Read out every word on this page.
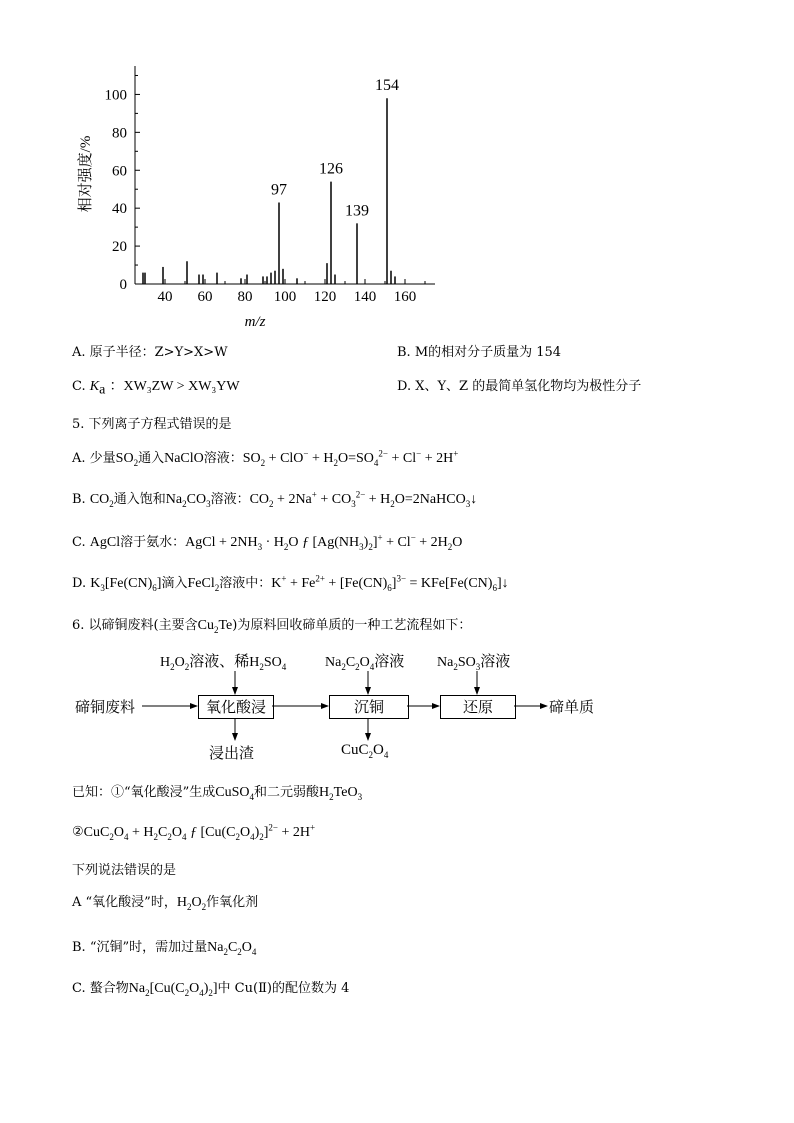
40 60 80 100 120 140 160
0
20
40
60
80
100
相对强度/%
m/z
97
126
139
154
A. 原子半径：Z>Y>X>W	B. M的相对分子质量为 154
C. $K_a$ ：XW₃ZW > XW₃YW	D. X、Y、Z 的最简单氢化物均为极性分子
5. 下列离子方程式错误的是
A. 少量$SO_2$通入NaClO溶液：$SO_2 + ClO^- + H_2O=SO_4^{2-} + Cl^- + 2H^+$
B. $CO_2$通入饱和$Na_2CO_3$溶液：$CO_2 + 2Na^+ + CO_3^{2-}$ + $H_2O=2NaHCO_3↓$
C. AgCl溶于氨水：AgCl + $2NH_3 \cdot H_2O$ ƒ $[Ag(NH_3)_2]^+ + Cl^- + 2H_2O$
D. $K_3[Fe(CN)_6]$滴入FeCl$_2$溶液中：$K^+ + Fe^{2+} + [Fe(CN)_6]^{3-}$ = $KFe[Fe(CN)_6]↓$
6. 以碲铜废料(主要含$Cu_2Te$)为原料回收碲单质的一种工艺流程如下：
$H_2O_2$溶液、稀$H_2SO_4$	$Na_2C_2O_4$溶液 $Na_2SO_3$溶液
碲铜废料	氧化酸浸	沉铜	还原	碲单质
浸出渣	$CuC_2O_4$
已知：①“氧化酸浸”生成CuSO$_4$和二元弱酸$H_2TeO_3$
$②CuC_2O_4 + H_2C_2O_4$ ƒ $[Cu(C_2O_4)_2]^{2-} + 2H^+$
下列说法错误的是
A “氧化酸浸”时，$H_2O_2$作氧化剂
B. “沉铜”时，需加过量$Na_2C_2O_4$
C. 螯合物$Na_2[Cu(C_2O_4)_2]$中 Cu(Ⅱ)的配位数为 4
